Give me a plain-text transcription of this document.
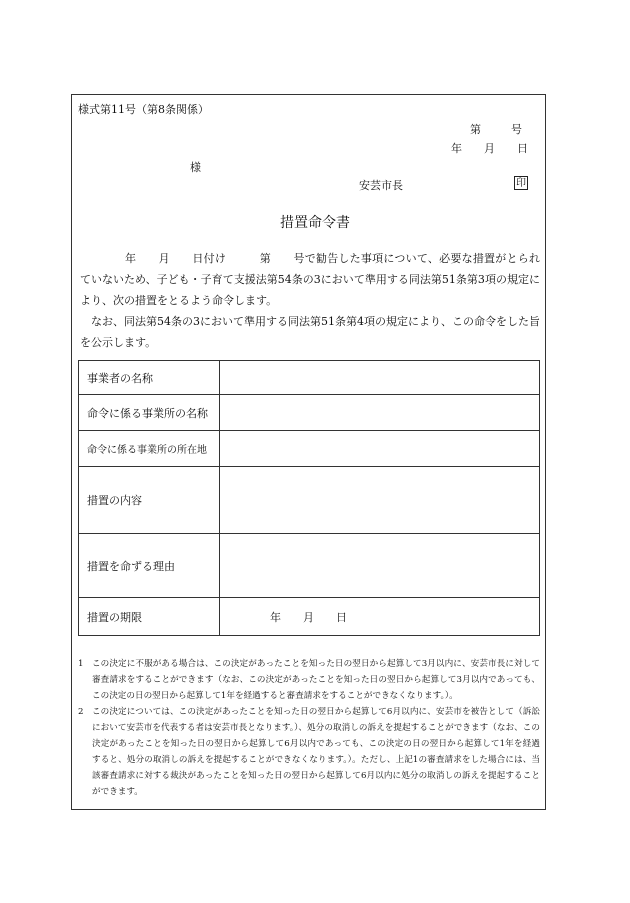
様式第11号（第8条関係）
第	号
年 月 日
様
安芸市長	印
措置命令書

　　　　年　　月　　日付け　　　第　　号で勧告した事項について、必要な措置がとられていないため、子ども・子育て支援法第54条の3において準用する同法第51条第3項の規定により、次の措置をとるよう命令します。

　なお、同法第54条の3において準用する同法第51条第4項の規定により、この命令をした旨を公示します。

事業者の名称	
命令に係る事業所の名称	
命令に係る事業所の所在地	
措置の内容	
措置を命ずる理由	
措置の期限	年 月 日
1 この決定に不服がある場合は、この決定があったことを知った日の翌日から起算して3月以内に、安芸市長に対して審査請求をすることができます（なお、この決定があったことを知った日の翌日から起算して3月以内であっても、この決定の日の翌日から起算して1年を経過すると審査請求をすることができなくなります。）。
2 この決定については、この決定があったことを知った日の翌日から起算して6月以内に、安芸市を被告として（訴訟において安芸市を代表する者は安芸市長となります。）、処分の取消しの訴えを提起することができます（なお、この決定があったことを知った日の翌日から起算して6月以内であっても、この決定の日の翌日から起算して1年を経過すると、処分の取消しの訴えを提起することができなくなります。）。ただし、上記1の審査請求をした場合には、当該審査請求に対する裁決があったことを知った日の翌日から起算して6月以内に処分の取消しの訴えを提起することができます。
